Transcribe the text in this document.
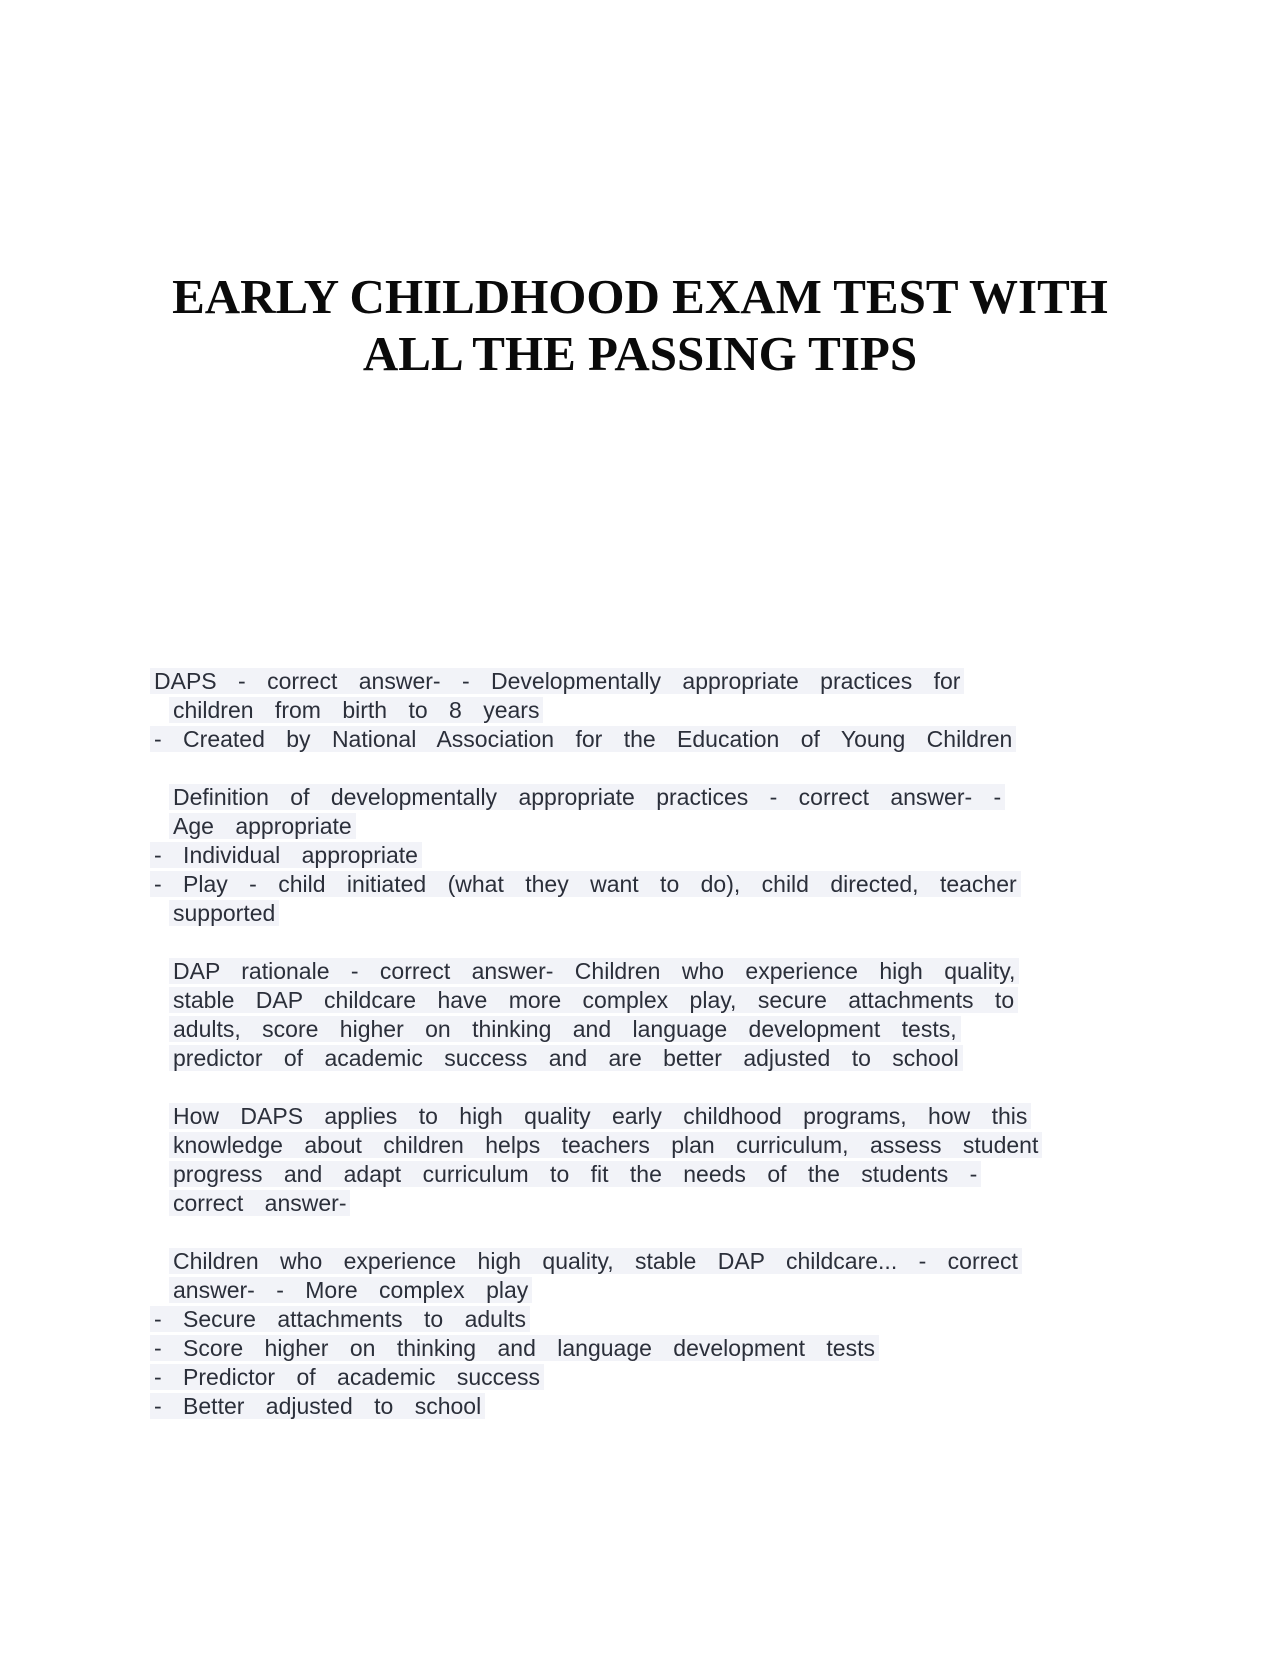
EARLY CHILDHOOD EXAM TEST WITH
ALL THE PASSING TIPS
DAPS - correct answer- - Developmentally appropriate practices for
children from birth to 8 years
- Created by National Association for the Education of Young Children
Definition of developmentally appropriate practices - correct answer- -
Age appropriate
- Individual appropriate
- Play - child initiated (what they want to do), child directed, teacher
supported
DAP rationale - correct answer- Children who experience high quality,
stable DAP childcare have more complex play, secure attachments to
adults, score higher on thinking and language development tests,
predictor of academic success and are better adjusted to school
How DAPS applies to high quality early childhood programs, how this
knowledge about children helps teachers plan curriculum, assess student
progress and adapt curriculum to fit the needs of the students -
correct answer-
Children who experience high quality, stable DAP childcare... - correct
answer- - More complex play
- Secure attachments to adults
- Score higher on thinking and language development tests
- Predictor of academic success
- Better adjusted to school
